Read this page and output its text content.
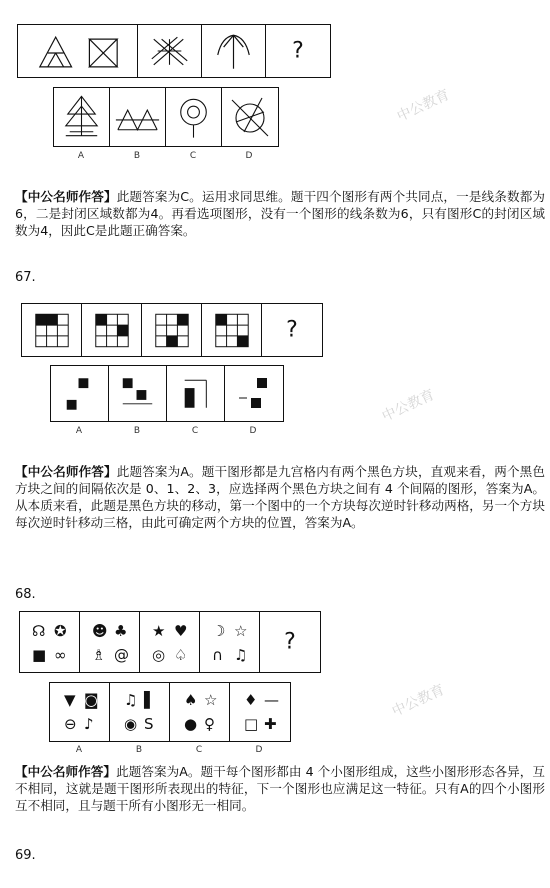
?
A	B	C	D
【中公名师作答】此题答案为C。运用求同思维。题干四个图形有两个共同点，一是线条数都为6，二是封闭区域数都为4。再看选项图形，没有一个图形的线条数为6，只有图形C的封闭区域数为4，因此C是此题正确答案。
67.
?
A	B	C	D
【中公名师作答】此题答案为A。题干图形都是九宫格内有两个黑色方块，直观来看，两个黑色方块之间的间隔依次是 0、1、2、3，应选择两个黑色方块之间有 4 个间隔的图形，答案为A。从本质来看，此题是黑色方块的移动，第一个图中的一个方块每次逆时针移动两格，另一个方块每次逆时针移动三格，由此可确定两个方块的位置，答案为A。
68.
☊ ✪
■ ∞
☻ ♣
♗ @
★ ♥
◎ ♤
☽ ☆
∩ ♫
?
▼ ◙
⊖ ♪
♫ ▌
◉ S
♠ ☆
● ♀
♦ —
□ ✚
A	B	C	D
【中公名师作答】此题答案为A。题干每个图形都由 4 个小图形组成，这些小图形形态各异，互不相同，这就是题干图形所表现出的特征，下一个图形也应满足这一特征。只有A的四个小图形互不相同，且与题干所有小图形无一相同。
69.
中公教育
中公教育
中公教育
